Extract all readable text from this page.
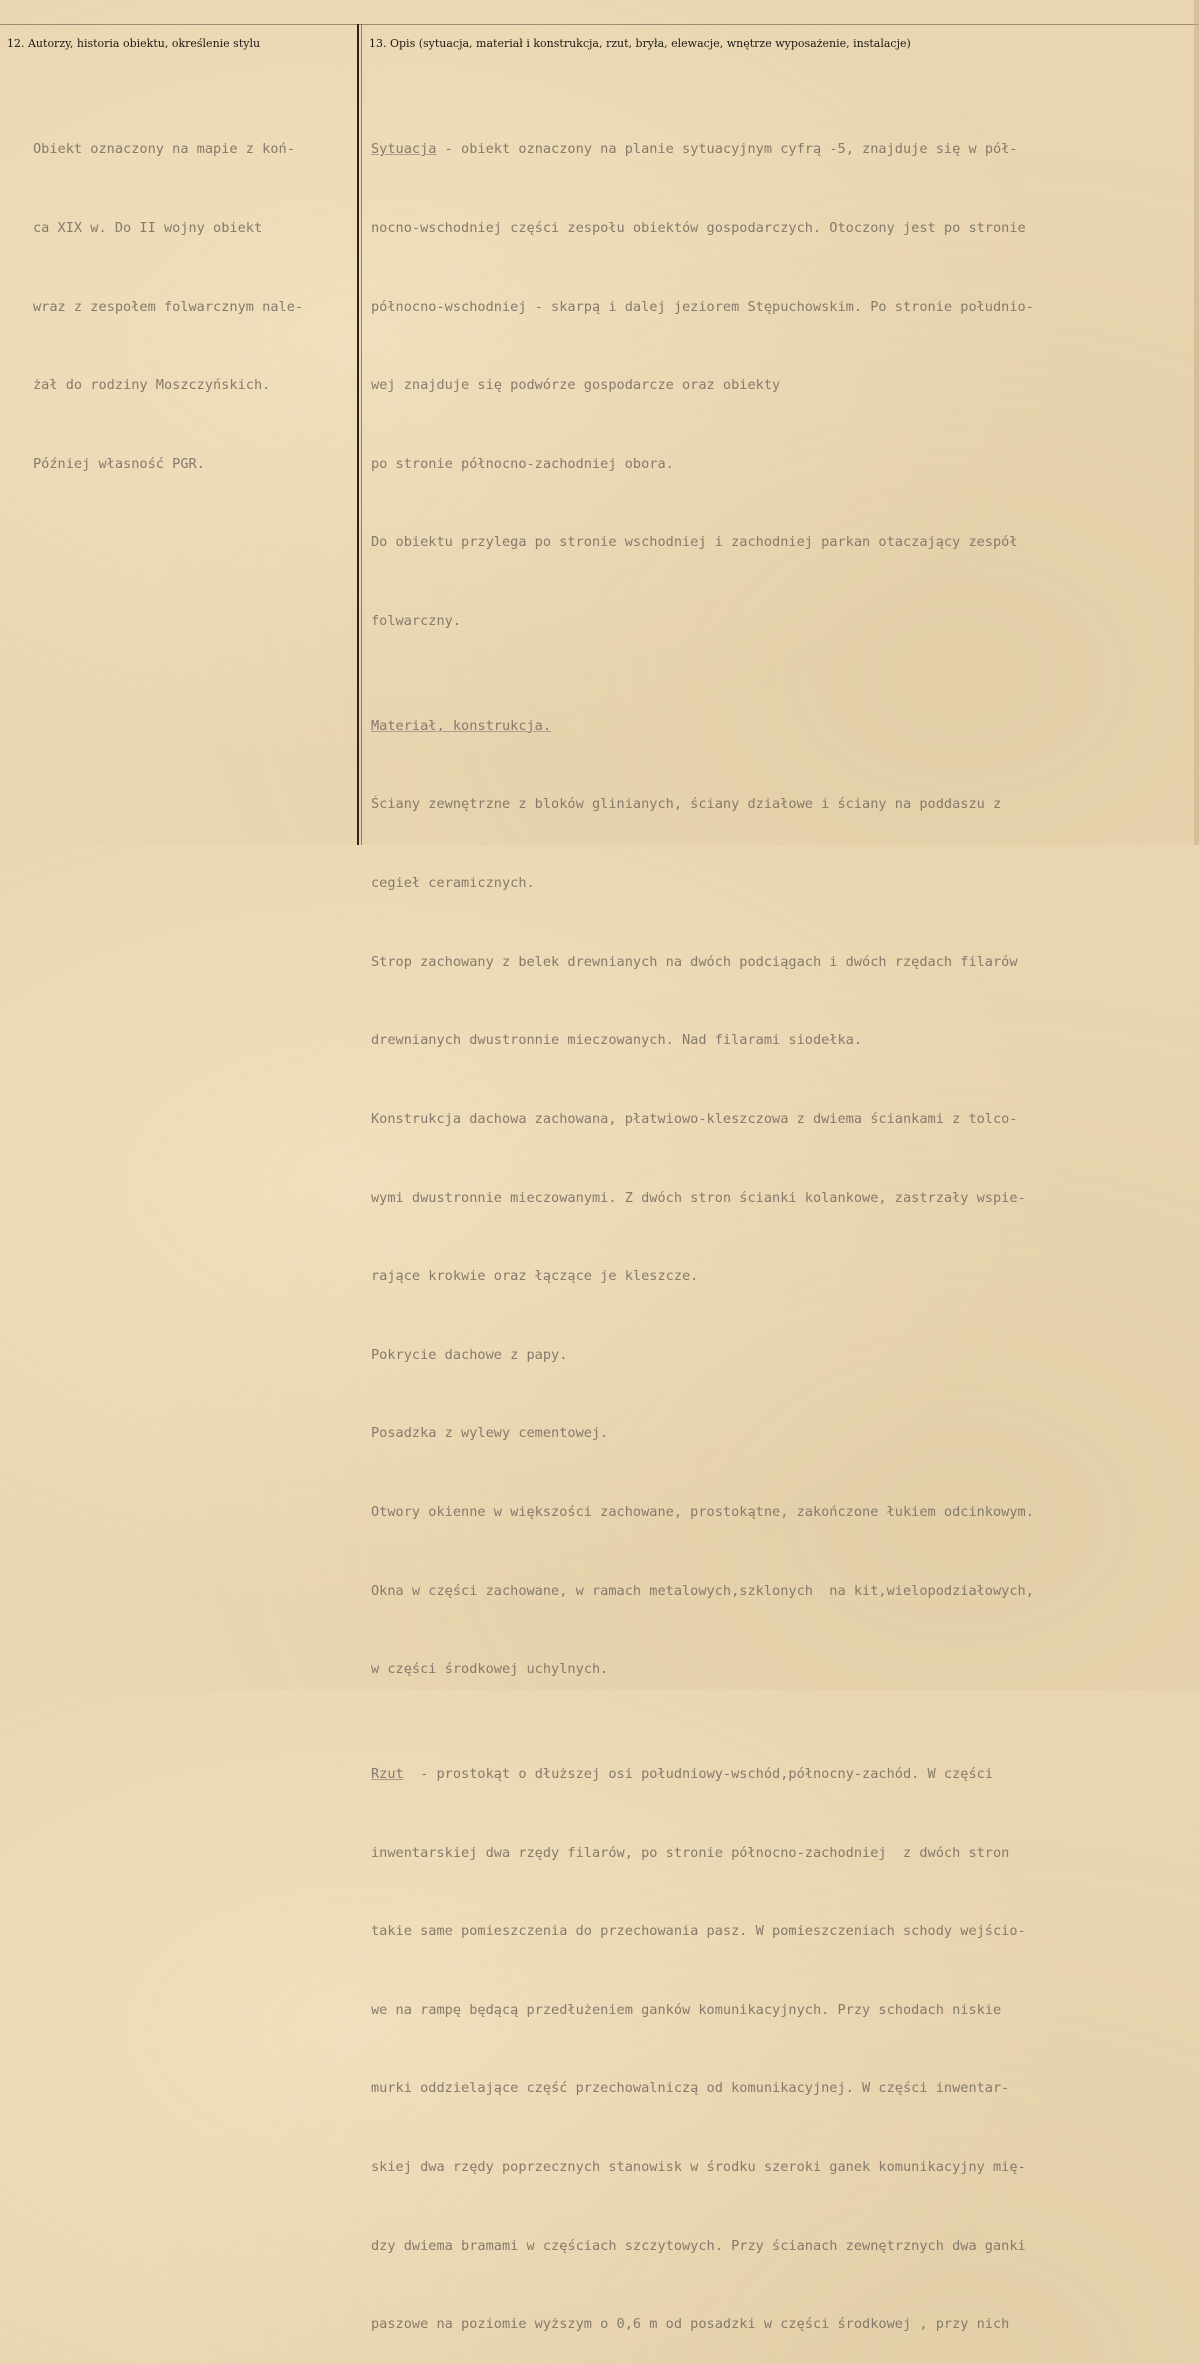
12. Autorzy, historia obiektu, określenie stylu	13. Opis (sytuacja, materiał i konstrukcja, rzut, bryła, elewacje, wnętrze wyposażenie, instalacje)

Obiekt oznaczony na mapie z koń-

ca XIX w. Do II wojny obiekt

wraz z zespołem folwarcznym nale-

żał do rodziny Moszczyńskich.

Później własność PGR.

Sytuacja - obiekt oznaczony na planie sytuacyjnym cyfrą -5, znajduje się w pół-

nocno-wschodniej części zespołu obiektów gospodarczych. Otoczony jest po stronie

północno-wschodniej - skarpą i dalej jeziorem Stępuchowskim. Po stronie południo-

wej znajduje się podwórze gospodarcze oraz obiekty

po stronie północno-zachodniej obora.

Do obiektu przylega po stronie wschodniej i zachodniej parkan otaczający zespół

folwarczny.

Materiał, konstrukcja.

Ściany zewnętrzne z bloków glinianych, ściany działowe i ściany na poddaszu z

cegieł ceramicznych.

Strop zachowany z belek drewnianych na dwóch podciągach i dwóch rzędach filarów

drewnianych dwustronnie mieczowanych. Nad filarami siodełka.

Konstrukcja dachowa zachowana, płatwiowo-kleszczowa z dwiema ściankami z tolco-

wymi dwustronnie mieczowanymi. Z dwóch stron ścianki kolankowe, zastrzały wspie-

rające krokwie oraz łączące je kleszcze.

Pokrycie dachowe z papy.

Posadzka z wylewy cementowej.

Otwory okienne w większości zachowane, prostokątne, zakończone łukiem odcinkowym.

Okna w części zachowane, w ramach metalowych,szklonych  na kit,wielopodziałowych,

w części środkowej uchylnych.

Rzut  - prostokąt o dłuższej osi południowy-wschód,północny-zachód. W części

inwentarskiej dwa rzędy filarów, po stronie północno-zachodniej  z dwóch stron

takie same pomieszczenia do przechowania pasz. W pomieszczeniach schody wejścio-

we na rampę będącą przedłużeniem ganków komunikacyjnych. Przy schodach niskie

murki oddzielające część przechowalniczą od komunikacyjnej. W części inwentar-

skiej dwa rzędy poprzecznych stanowisk w środku szeroki ganek komunikacyjny mię-

dzy dwiema bramami w częściach szczytowych. Przy ścianach zewnętrznych dwa ganki

paszowe na poziomie wyższym o 0,6 m od posadzki w części środkowej , przy nich
